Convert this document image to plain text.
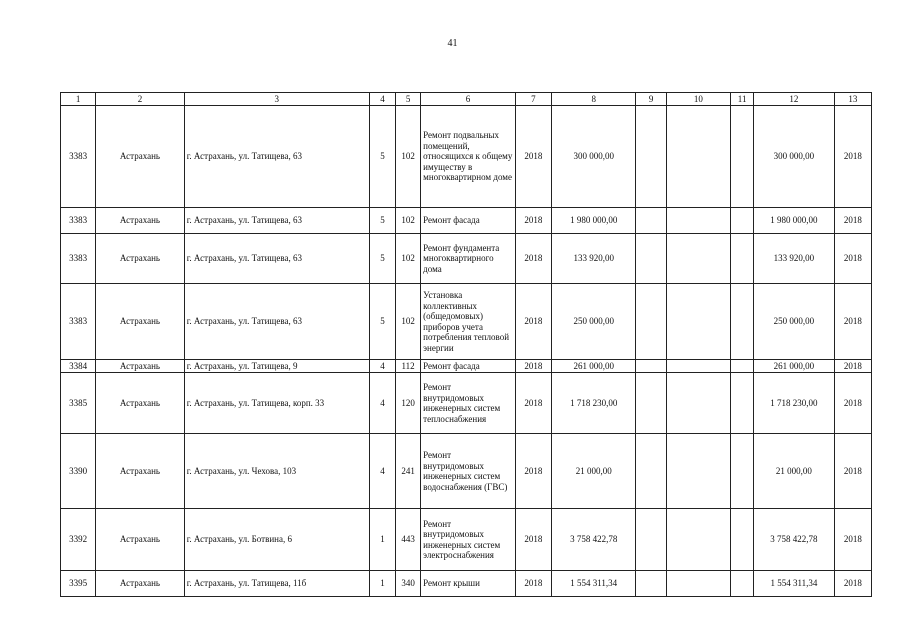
41
1	2	3	4	5	6	7	8	9	10	11	12	13
3383	Астрахань	г. Астрахань, ул. Татищева, 63	5	102	Ремонт подвальных помещений, относящихся к общему имуществу в многоквартирном доме	2018	300 000,00				300 000,00	2018
3383	Астрахань	г. Астрахань, ул. Татищева, 63	5	102	Ремонт фасада	2018	1 980 000,00				1 980 000,00	2018
3383	Астрахань	г. Астрахань, ул. Татищева, 63	5	102	Ремонт фундамента многоквартирного дома	2018	133 920,00				133 920,00	2018
3383	Астрахань	г. Астрахань, ул. Татищева, 63	5	102	Установка коллективных (общедомовых) приборов учета потребления тепловой энергии	2018	250 000,00				250 000,00	2018
3384	Астрахань	г. Астрахань, ул. Татищева, 9	4	112	Ремонт фасада	2018	261 000,00				261 000,00	2018
3385	Астрахань	г. Астрахань, ул. Татищева, корп. 33	4	120	Ремонт внутридомовых инженерных систем теплоснабжения	2018	1 718 230,00				1 718 230,00	2018
3390	Астрахань	г. Астрахань, ул. Чехова, 103	4	241	Ремонт внутридомовых инженерных систем водоснабжения (ГВС)	2018	21 000,00				21 000,00	2018
3392	Астрахань	г. Астрахань, ул. Ботвина, 6	1	443	Ремонт внутридомовых инженерных систем электроснабжения	2018	3 758 422,78				3 758 422,78	2018
3395	Астрахань	г. Астрахань, ул. Татищева, 11б	1	340	Ремонт крыши	2018	1 554 311,34				1 554 311,34	2018
